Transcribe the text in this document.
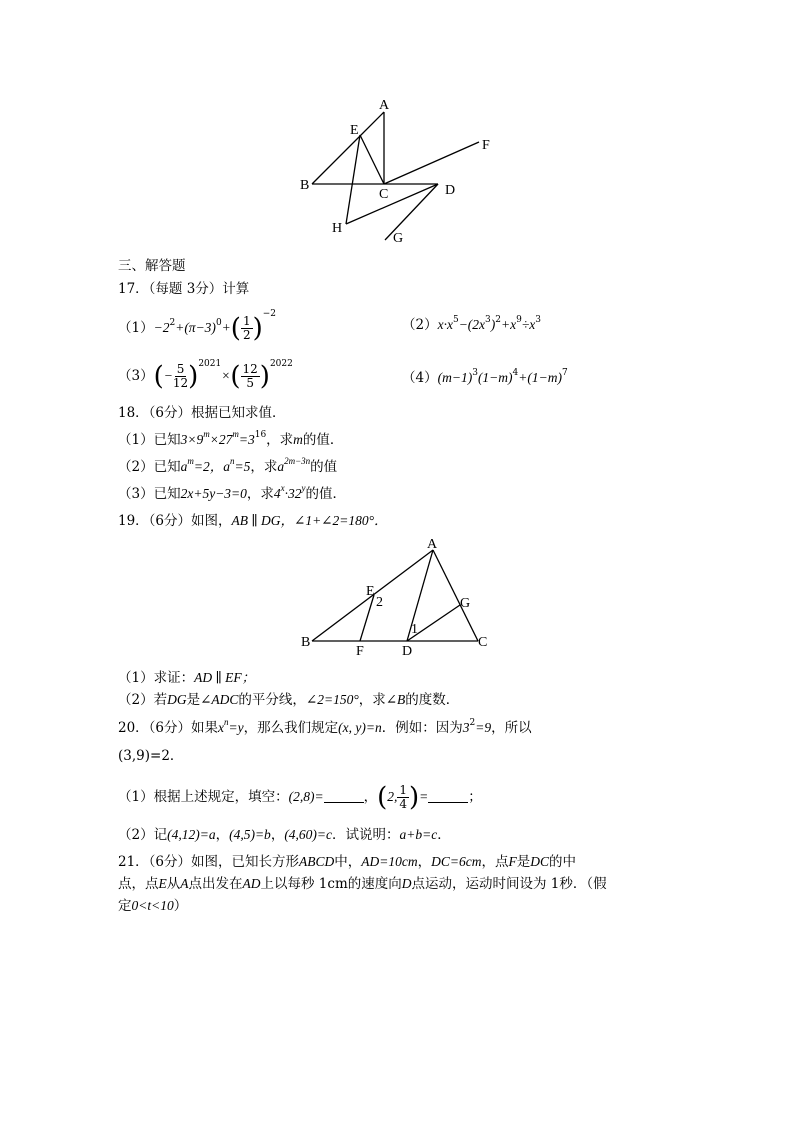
A
E
F
B
C	D
H
G
三、解答题
17．（每题 3分）计算
$(1)-2^2+(\pi-3)^0+( \frac{1}{2} )^{-2}$
$(2)x\cdot x^5-(2x^3)^2+x^9\div x^3$
$(3)(- \frac{5}{12} )^{2021}\times( \frac{12}{5} )^{2022}$
$(4)(m-1)^3(1-m)^4+(1-m)^7$
18．（6分）根据已知求值．
（1）已知$3\times 9^m\times 27^m=3^{16}$，求m的值．
（2）已知$a^m=2$，$a^n=5$，求$a^{2m-3n}$的值
（3）已知2x+5y−3=0，求$4^x\cdot 32^y$的值．
19．（6分）如图，AB ∥ DG，∠1+∠2=180°．
A
E
2	G
1
B
F	D
C
（1）求证：AD ∥ EF；
（2）若DG是∠ADC的平分线，∠2=150°，求∠B的度数．
20．（6分）如果$x^n=y$，那么我们规定(x, y)=n．例如：因为$3^2=9$，所以
(3,9)=2．
（1）根据上述规定，填空：(2,8)=	，(2, $\frac{1}{4}$ )=	；
（2）记(4,12)=a，(4,5)=b，(4,60)=c．试说明：a+b=c．
21．（6分）如图，已知长方形ABCD中，AD=10cm，DC=6cm，点F是DC的中
点，点E从A点出发在AD上以每秒 1cm的速度向D点运动，运动时间设为 1秒．（假
定0<t<10）
